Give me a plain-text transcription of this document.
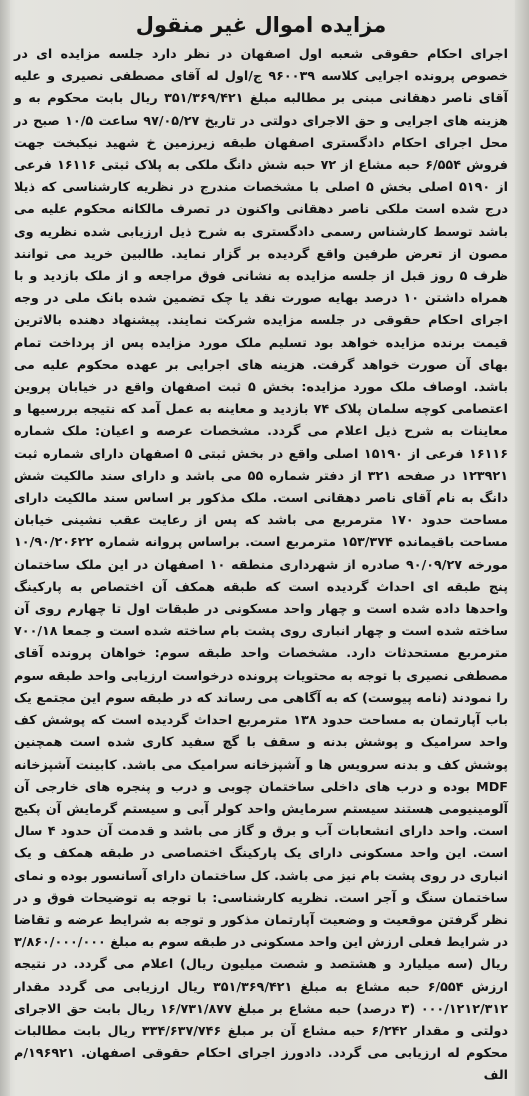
مزایده اموال غیر منقول

اجرای احکام حقوقی شعبه اول اصفهان در نظر دارد جلسه مزایده ای در خصوص پرونده اجرایی کلاسه ۹۶۰۰۳۹ ج/اول له آقای مصطفی نصیری و علیه آقای ناصر دهقانی مبنی بر مطالبه مبلغ ۳۵۱/۳۶۹/۴۲۱ ریال بابت محکوم به و هزینه های اجرایی و حق الاجرای دولتی در تاریخ ۹۷/۰۵/۲۷ ساعت ۱۰/۵ صبح در محل اجرای احکام دادگستری اصفهان طبقه زیرزمین خ شهید نیکبخت جهت فروش ۶/۵۵۴ حبه مشاع از ۷۲ حبه شش دانگ ملکی به پلاک ثبتی ۱۶۱۱۶ فرعی از ۵۱۹۰ اصلی بخش ۵ اصلی با مشخصات مندرج در نظریه کارشناسی که ذیلا درج شده است ملکی ناصر دهقانی واکنون در تصرف مالکانه محکوم علیه می باشد توسط کارشناس رسمی دادگستری به شرح ذیل ارزیابی شده نظریه وی مصون از تعرض طرفین واقع گردیده بر گزار نماید. طالبین خرید می توانند ظرف ۵ روز قبل از جلسه مزایده به نشانی فوق مراجعه و از ملک بازدید و با همراه داشتن ۱۰ درصد بهایه صورت نقد یا چک تضمین شده بانک ملی در وجه اجرای احکام حقوقی در جلسه مزایده شرکت نمایند. پیشنهاد دهنده بالاترین قیمت برنده مزایده خواهد بود تسلیم ملک مورد مزایده پس از پرداخت تمام بهای آن صورت خواهد گرفت. هزینه های اجرایی بر عهده محکوم علیه می باشد. اوصاف ملک مورد مزایده: بخش ۵ ثبت اصفهان واقع در خیابان پروین اعتصامی کوچه سلمان پلاک ۷۴ بازدید و معاینه به عمل آمد که نتیجه بررسیها و معاینات به شرح ذیل اعلام می گردد. مشخصات عرصه و اعیان: ملک شماره ۱۶۱۱۶ فرعی از ۱۵۱۹۰ اصلی واقع در بخش ثبتی ۵ اصفهان دارای شماره ثبت ۱۲۳۹۲۱ در صفحه ۳۲۱ از دفتر شماره ۵۵ می باشد و دارای سند مالکیت شش دانگ به نام آقای ناصر دهقانی است. ملک مذکور بر اساس سند مالکیت دارای مساحت حدود ۱۷۰ مترمربع می باشد که پس از رعایت عقب نشینی خیابان مساحت باقیمانده ۱۵۳/۳۷۴ مترمربع است. براساس پروانه شماره ۱۰/۹۰/۲۰۶۲۲ مورخه ۹۰/۰۹/۲۷ صادره از شهرداری منطقه ۱۰ اصفهان در این ملک ساختمان پنج طبقه ای احداث گردیده است که طبقه همکف آن اختصاص به پارکینگ واحدها داده شده است و چهار واحد مسکونی در طبقات اول تا چهارم روی آن ساخته شده است و چهار انباری روی پشت بام ساخته شده است و جمعا ۷۰۰/۱۸ مترمربع مستحدثات دارد. مشخصات واحد طبقه سوم: خواهان پرونده آقای مصطفی نصیری با توجه به محتویات پرونده درخواست ارزیابی واحد طبقه سوم را نمودند (نامه پیوست) که به آگاهی می رساند که در طبقه سوم این مجتمع یک باب آپارتمان به مساحت حدود ۱۳۸ مترمربع احداث گردیده است که پوشش کف واحد سرامیک و پوشش بدنه و سقف با گچ سفید کاری شده است همچنین پوشش کف و بدنه سرویس ها و آشپزخانه سرامیک می باشد. کابینت آشپزخانه MDF بوده و درب های داخلی ساختمان چوبی و درب و پنجره های خارجی آن آلومینیومی هستند سیستم سرمایش واحد کولر آبی و سیستم گرمایش آن پکیج است. واحد دارای انشعابات آب و برق و گاز می باشد و قدمت آن حدود ۴ سال است. این واحد مسکونی دارای یک پارکینگ اختصاصی در طبقه همکف و یک انباری در روی پشت بام نیز می باشد. کل ساختمان دارای آسانسور بوده و نمای ساختمان سنگ و آجر است. نظریه کارشناسی: با توجه به توضیحات فوق و در نظر گرفتن موقعیت و وضعیت آپارتمان مذکور و توجه به شرایط عرضه و تقاضا در شرایط فعلی ارزش این واحد مسکونی در طبقه سوم به مبلغ ۳/۸۶۰/۰۰۰/۰۰۰ ریال (سه میلیارد و هشتصد و شصت میلیون ریال) اعلام می گردد. در نتیجه ارزش ۶/۵۵۴ حبه مشاع به مبلغ ۳۵۱/۳۶۹/۴۲۱ ریال ارزیابی می گردد مقدار ۰۰۰/۱۲۱۲/۳۱۲ (۳ درصد) حبه مشاع بر مبلغ ۱۶/۷۳۱/۸۷۷ ریال بابت حق الاجرای دولتی و مقدار ۶/۲۴۲ حبه مشاع آن بر مبلغ ۳۳۴/۶۳۷/۷۴۶ ریال بابت مطالبات محکوم له ارزیابی می گردد. دادورز اجرای احکام حقوقی اصفهان. ۱۹۶۹۲۱/م الف
